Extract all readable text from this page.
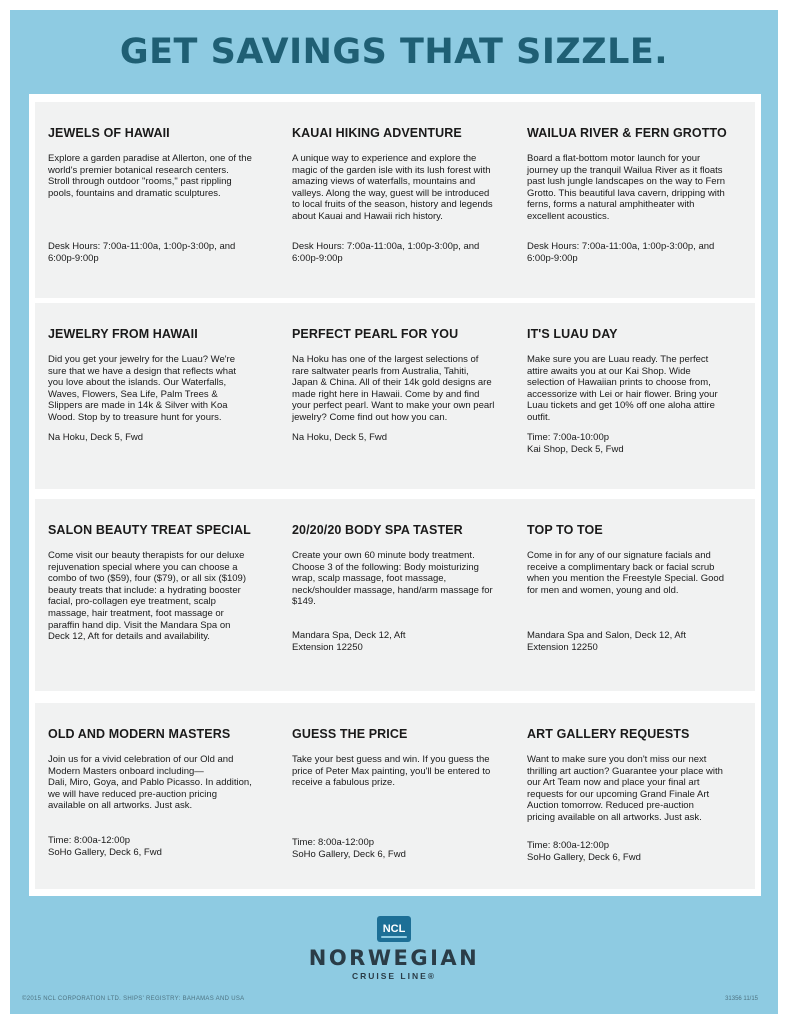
GET SAVINGS THAT SIZZLE.
JEWELS OF HAWAII

Explore a garden paradise at Allerton, one of the
world's premier botanical research centers.
Stroll through outdoor "rooms," past rippling
pools, fountains and dramatic sculptures.

Desk Hours: 7:00a-11:00a, 1:00p-3:00p, and
6:00p-9:00p

KAUAI HIKING ADVENTURE

A unique way to experience and explore the
magic of the garden isle with its lush forest with
amazing views of waterfalls, mountains and
valleys. Along the way, guest will be introduced
to local fruits of the season, history and legends
about Kauai and Hawaii rich history.

Desk Hours: 7:00a-11:00a, 1:00p-3:00p, and
6:00p-9:00p

WAILUA RIVER & FERN GROTTO

Board a flat-bottom motor launch for your
journey up the tranquil Wailua River as it floats
past lush jungle landscapes on the way to Fern
Grotto. This beautiful lava cavern, dripping with
ferns, forms a natural amphitheater with
excellent acoustics.

Desk Hours: 7:00a-11:00a, 1:00p-3:00p, and
6:00p-9:00p

JEWELRY FROM HAWAII

Did you get your jewelry for the Luau? We're
sure that we have a design that reflects what
you love about the islands. Our Waterfalls,
Waves, Flowers, Sea Life, Palm Trees &
Slippers are made in 14k & Silver with Koa
Wood. Stop by to treasure hunt for yours.

Na Hoku, Deck 5, Fwd

PERFECT PEARL FOR YOU

Na Hoku has one of the largest selections of
rare saltwater pearls from Australia, Tahiti,
Japan & China. All of their 14k gold designs are
made right here in Hawaii. Come by and find
your perfect pearl. Want to make your own pearl
jewelry? Come find out how you can.

Na Hoku, Deck 5, Fwd

IT'S LUAU DAY

Make sure you are Luau ready. The perfect
attire awaits you at our Kai Shop. Wide
selection of Hawaiian prints to choose from,
accessorize with Lei or hair flower. Bring your
Luau tickets and get 10% off one aloha attire
outfit.

Time: 7:00a-10:00p
Kai Shop, Deck 5, Fwd

SALON BEAUTY TREAT SPECIAL

Come visit our beauty therapists for our deluxe
rejuvenation special where you can choose a
combo of two ($59), four ($79), or all six ($109)
beauty treats that include: a hydrating booster
facial, pro-collagen eye treatment, scalp
massage, hair treatment, foot massage or
paraffin hand dip. Visit the Mandara Spa on
Deck 12, Aft for details and availability.

20/20/20 BODY SPA TASTER

Create your own 60 minute body treatment.
Choose 3 of the following: Body moisturizing
wrap, scalp massage, foot massage,
neck/shoulder massage, hand/arm massage for
$149.

Mandara Spa, Deck 12, Aft
Extension 12250

TOP TO TOE

Come in for any of our signature facials and
receive a complimentary back or facial scrub
when you mention the Freestyle Special. Good
for men and women, young and old.

Mandara Spa and Salon, Deck 12, Aft
Extension 12250

OLD AND MODERN MASTERS

Join us for a vivid celebration of our Old and
Modern Masters onboard including—
Dali, Miro, Goya, and Pablo Picasso. In addition,
we will have reduced pre-auction pricing
available on all artworks. Just ask.

Time: 8:00a-12:00p
SoHo Gallery, Deck 6, Fwd

GUESS THE PRICE

Take your best guess and win. If you guess the
price of Peter Max painting, you'll be entered to
receive a fabulous prize.

Time: 8:00a-12:00p
SoHo Gallery, Deck 6, Fwd

ART GALLERY REQUESTS

Want to make sure you don't miss our next
thrilling art auction? Guarantee your place with
our Art Team now and place your final art
requests for our upcoming Grand Finale Art
Auction tomorrow. Reduced pre-auction
pricing available on all artworks. Just ask.

Time: 8:00a-12:00p
SoHo Gallery, Deck 6, Fwd

NCL
NORWEGIAN
CRUISE LINE®
©2015 NCL CORPORATION LTD. SHIPS' REGISTRY: BAHAMAS AND USA	31356 11/15
